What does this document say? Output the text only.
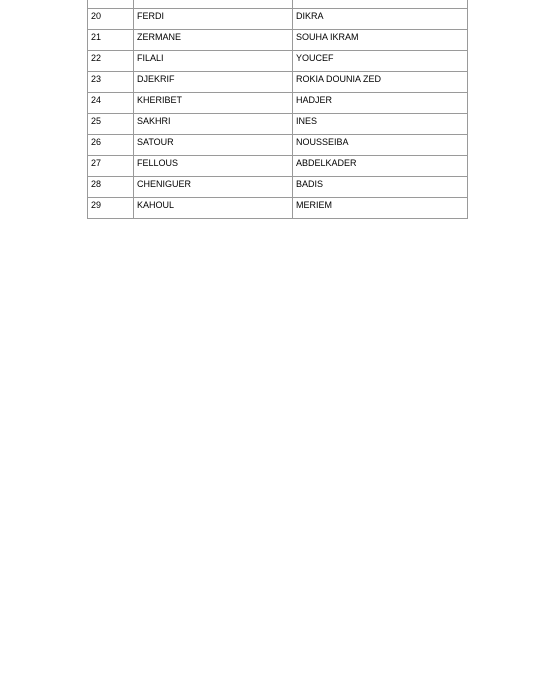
20	FERDI	DIKRA
21	ZERMANE	SOUHA IKRAM
22	FILALI	YOUCEF
23	DJEKRIF	ROKIA DOUNIA ZED
24	KHERIBET	HADJER
25	SAKHRI	INES
26	SATOUR	NOUSSEIBA
27	FELLOUS	ABDELKADER
28	CHENIGUER	BADIS
29	KAHOUL	MERIEM
